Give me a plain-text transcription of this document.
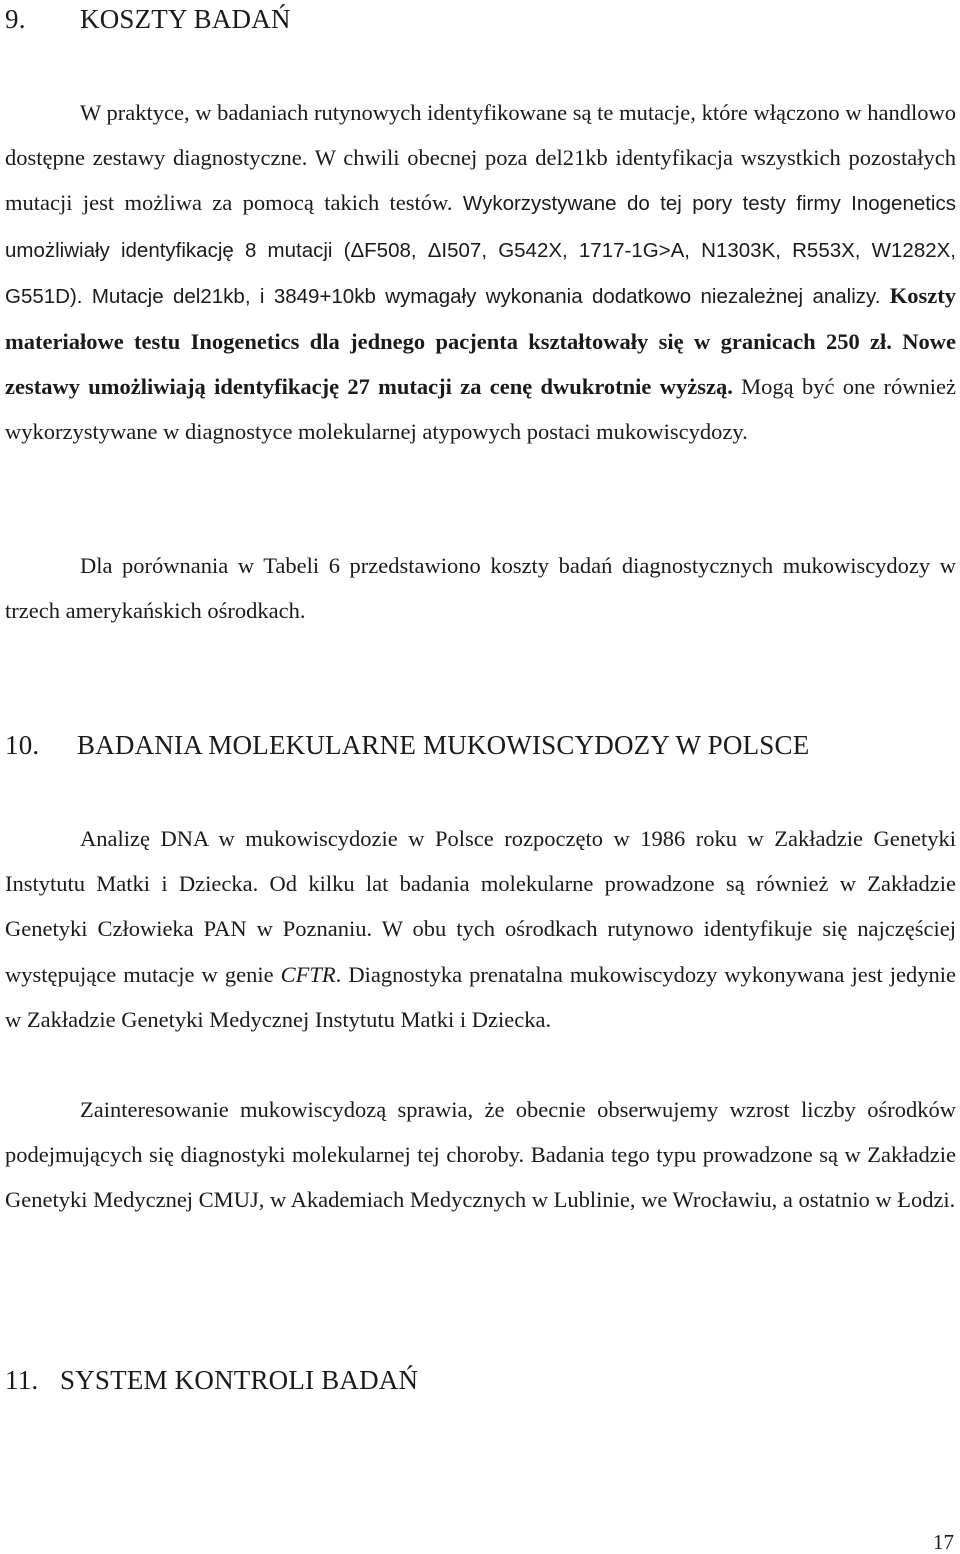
9. KOSZTY BADAŃ

W praktyce, w badaniach rutynowych identyfikowane są te mutacje, które włączono w handlowo dostępne zestawy diagnostyczne. W chwili obecnej poza del21kb identyfikacja wszystkich pozostałych mutacji jest możliwa za pomocą takich testów. Wykorzystywane do tej pory testy firmy Inogenetics umożliwiały identyfikację 8 mutacji (ΔF508, ΔI507, G542X, 1717-1G>A, N1303K, R553X, W1282X, G551D). Mutacje del21kb, i 3849+10kb wymagały wykonania dodatkowo niezależnej analizy. Koszty materiałowe testu Inogenetics dla jednego pacjenta kształtowały się w granicach 250 zł. Nowe zestawy umożliwiają identyfikację 27 mutacji za cenę dwukrotnie wyższą. Mogą być one również wykorzystywane w diagnostyce molekularnej atypowych postaci mukowiscydozy.

Dla porównania w Tabeli 6 przedstawiono koszty badań diagnostycznych mukowiscydozy w trzech amerykańskich ośrodkach.

10. BADANIA MOLEKULARNE MUKOWISCYDOZY W POLSCE

Analizę DNA w mukowiscydozie w Polsce rozpoczęto w 1986 roku w Zakładzie Genetyki Instytutu Matki i Dziecka. Od kilku lat badania molekularne prowadzone są również w Zakładzie Genetyki Człowieka PAN w Poznaniu. W obu tych ośrodkach rutynowo identyfikuje się najczęściej występujące mutacje w genie CFTR. Diagnostyka prenatalna mukowiscydozy wykonywana jest jedynie w Zakładzie Genetyki Medycznej Instytutu Matki i Dziecka.

Zainteresowanie mukowiscydozą sprawia, że obecnie obserwujemy wzrost liczby ośrodków podejmujących się diagnostyki molekularnej tej choroby. Badania tego typu prowadzone są w Zakładzie Genetyki Medycznej CMUJ, w Akademiach Medycznych w Lublinie, we Wrocławiu, a ostatnio w Łodzi.

11. SYSTEM KONTROLI BADAŃ
17
